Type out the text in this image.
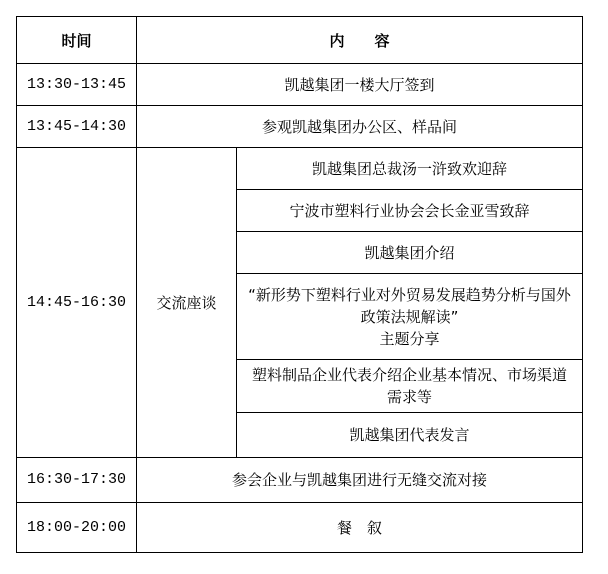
时间	内　　容	
13:30-13:45	凯越集团一楼大厅签到	
13:45-14:30	参观凯越集团办公区、样品间	
14:45-16:30	交流座谈	凯越集团总裁汤一浒致欢迎辞
		宁波市塑料行业协会会长金亚雪致辞
		凯越集团介绍

		“新形势下塑料行业对外贸易发展趋势分析与国外政策法规解读”
主题分享

		塑料制品企业代表介绍企业基本情况、市场渠道需求等
		凯越集团代表发言
16:30-17:30	参会企业与凯越集团进行无缝交流对接	
18:00-20:00	餐　叙	
